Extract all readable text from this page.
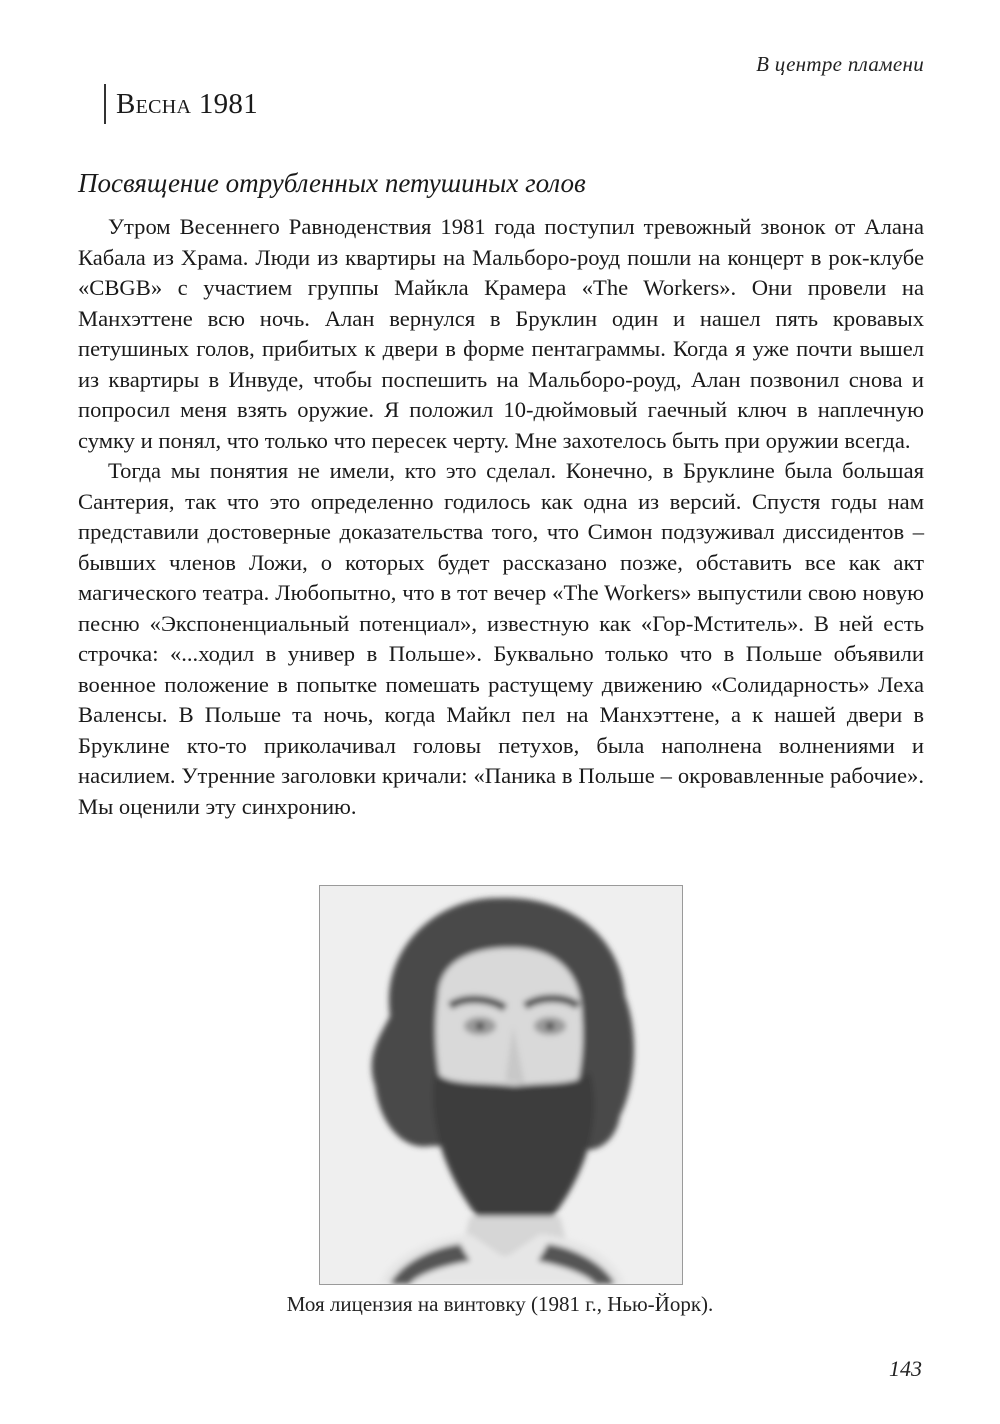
В центре пламени
Весна 1981
Посвящение отрубленных петушиных голов

Утром Весеннего Равноденствия 1981 года поступил тревожный звонок от Алана Кабала из Храма. Люди из квартиры на Мальборо-роуд пошли на концерт в рок-клубе «CBGB» с участием группы Майкла Крамера «The Workers». Они провели на Манхэттене всю ночь. Алан вернулся в Бруклин один и нашел пять кровавых петушиных голов, прибитых к двери в форме пентаграммы. Когда я уже почти вышел из квартиры в Инвуде, чтобы поспешить на Мальборо-роуд, Алан позвонил снова и попросил меня взять оружие. Я положил 10-дюймовый гаечный ключ в наплечную сумку и понял, что только что пересек черту. Мне захотелось быть при оружии всегда.

Тогда мы понятия не имели, кто это сделал. Конечно, в Бруклине была большая Сантерия, так что это определенно годилось как одна из версий. Спустя годы нам представили достоверные доказательства того, что Симон подзуживал диссидентов – бывших членов Ложи, о которых будет рассказано позже, обставить все как акт магического театра. Любопытно, что в тот вечер «The Workers» выпустили свою новую песню «Экспоненциальный потенциал», известную как «Гор-Мститель». В ней есть строчка: «...ходил в универ в Польше». Буквально только что в Польше объявили военное положение в попытке помешать растущему движению «Солидарность» Леха Валенсы. В Польше та ночь, когда Майкл пел на Манхэттене, а к нашей двери в Бруклине кто-то приколачивал головы петухов, была наполнена волнениями и насилием. Утренние заголовки кричали: «Паника в Польше – окровавленные рабочие». Мы оценили эту синхронию.

Моя лицензия на винтовку (1981 г., Нью-Йорк).
143
